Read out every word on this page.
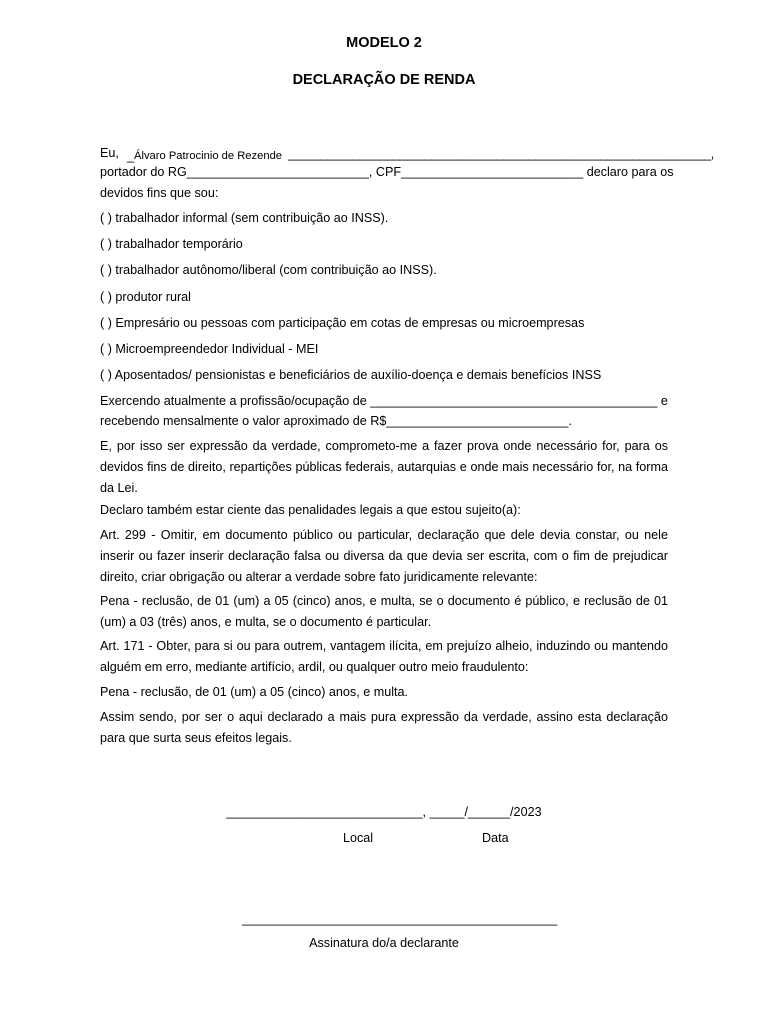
MODELO 2
DECLARAÇÃO DE RENDA
Eu, _ Álvaro Patrocinio de Rezende _________________________________________________________________,
portador do RG__________________________, CPF__________________________ declaro para os
devidos fins que sou:
( ) trabalhador informal (sem contribuição ao INSS).
( ) trabalhador temporário
( ) trabalhador autônomo/liberal (com contribuição ao INSS).
( ) produtor rural
( ) Empresário ou pessoas com participação em cotas de empresas ou microempresas
( ) Microempreendedor Individual - MEI
( ) Aposentados/ pensionistas e beneficiários de auxílio-doença e demais benefícios INSS
Exercendo atualmente a profissão/ocupação de _________________________________________ e
recebendo mensalmente o valor aproximado de R$__________________________.
E, por isso ser expressão da verdade, comprometo-me a fazer prova onde necessário for, para os devidos fins de direito, repartições públicas federais, autarquias e onde mais necessário for, na forma da Lei.
Declaro também estar ciente das penalidades legais a que estou sujeito(a):
Art. 299 - Omitir, em documento público ou particular, declaração que dele devia constar, ou nele inserir ou fazer inserir declaração falsa ou diversa da que devia ser escrita, com o fim de prejudicar direito, criar obrigação ou alterar a verdade sobre fato juridicamente relevante:
Pena - reclusão, de 01 (um) a 05 (cinco) anos, e multa, se o documento é público, e reclusão de 01 (um) a 03 (três) anos, e multa, se o documento é particular.
Art. 171 - Obter, para si ou para outrem, vantagem ilícita, em prejuízo alheio, induzindo ou mantendo alguém em erro, mediante artifício, ardil, ou qualquer outro meio fraudulento:
Pena - reclusão, de 01 (um) a 05 (cinco) anos, e multa.
Assim sendo, por ser o aqui declarado a mais pura expressão da verdade, assino esta declaração para que surta seus efeitos legais.
____________________________, _____/______/2023
Local	Data
_____________________________________________
Assinatura do/a declarante
